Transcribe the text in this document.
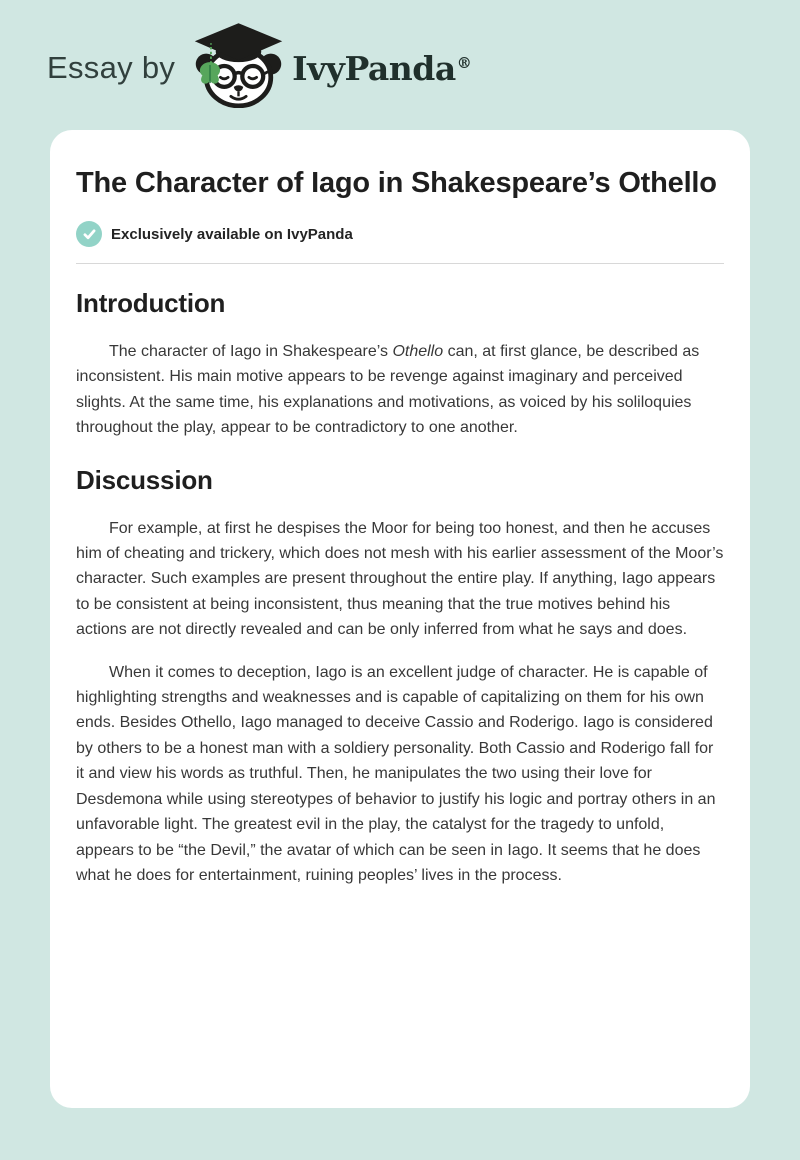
Essay by	IvyPanda®
The Character of Iago in Shakespeare’s Othello
Exclusively available on IvyPanda
Introduction

The character of Iago in Shakespeare’s Othello can, at first glance, be described as inconsistent. His main motive appears to be revenge against imaginary and perceived slights. At the same time, his explanations and motivations, as voiced by his soliloquies throughout the play, appear to be contradictory to one another.

Discussion

For example, at first he despises the Moor for being too honest, and then he accuses him of cheating and trickery, which does not mesh with his earlier assessment of the Moor’s character. Such examples are present throughout the entire play. If anything, Iago appears to be consistent at being inconsistent, thus meaning that the true motives behind his actions are not directly revealed and can be only inferred from what he says and does.

When it comes to deception, Iago is an excellent judge of character. He is capable of highlighting strengths and weaknesses and is capable of capitalizing on them for his own ends. Besides Othello, Iago managed to deceive Cassio and Roderigo. Iago is considered by others to be a honest man with a soldiery personality. Both Cassio and Roderigo fall for it and view his words as truthful. Then, he manipulates the two using their love for Desdemona while using stereotypes of behavior to justify his logic and portray others in an unfavorable light. The greatest evil in the play, the catalyst for the tragedy to unfold, appears to be “the Devil,” the avatar of which can be seen in Iago. It seems that he does what he does for entertainment, ruining peoples’ lives in the process.
